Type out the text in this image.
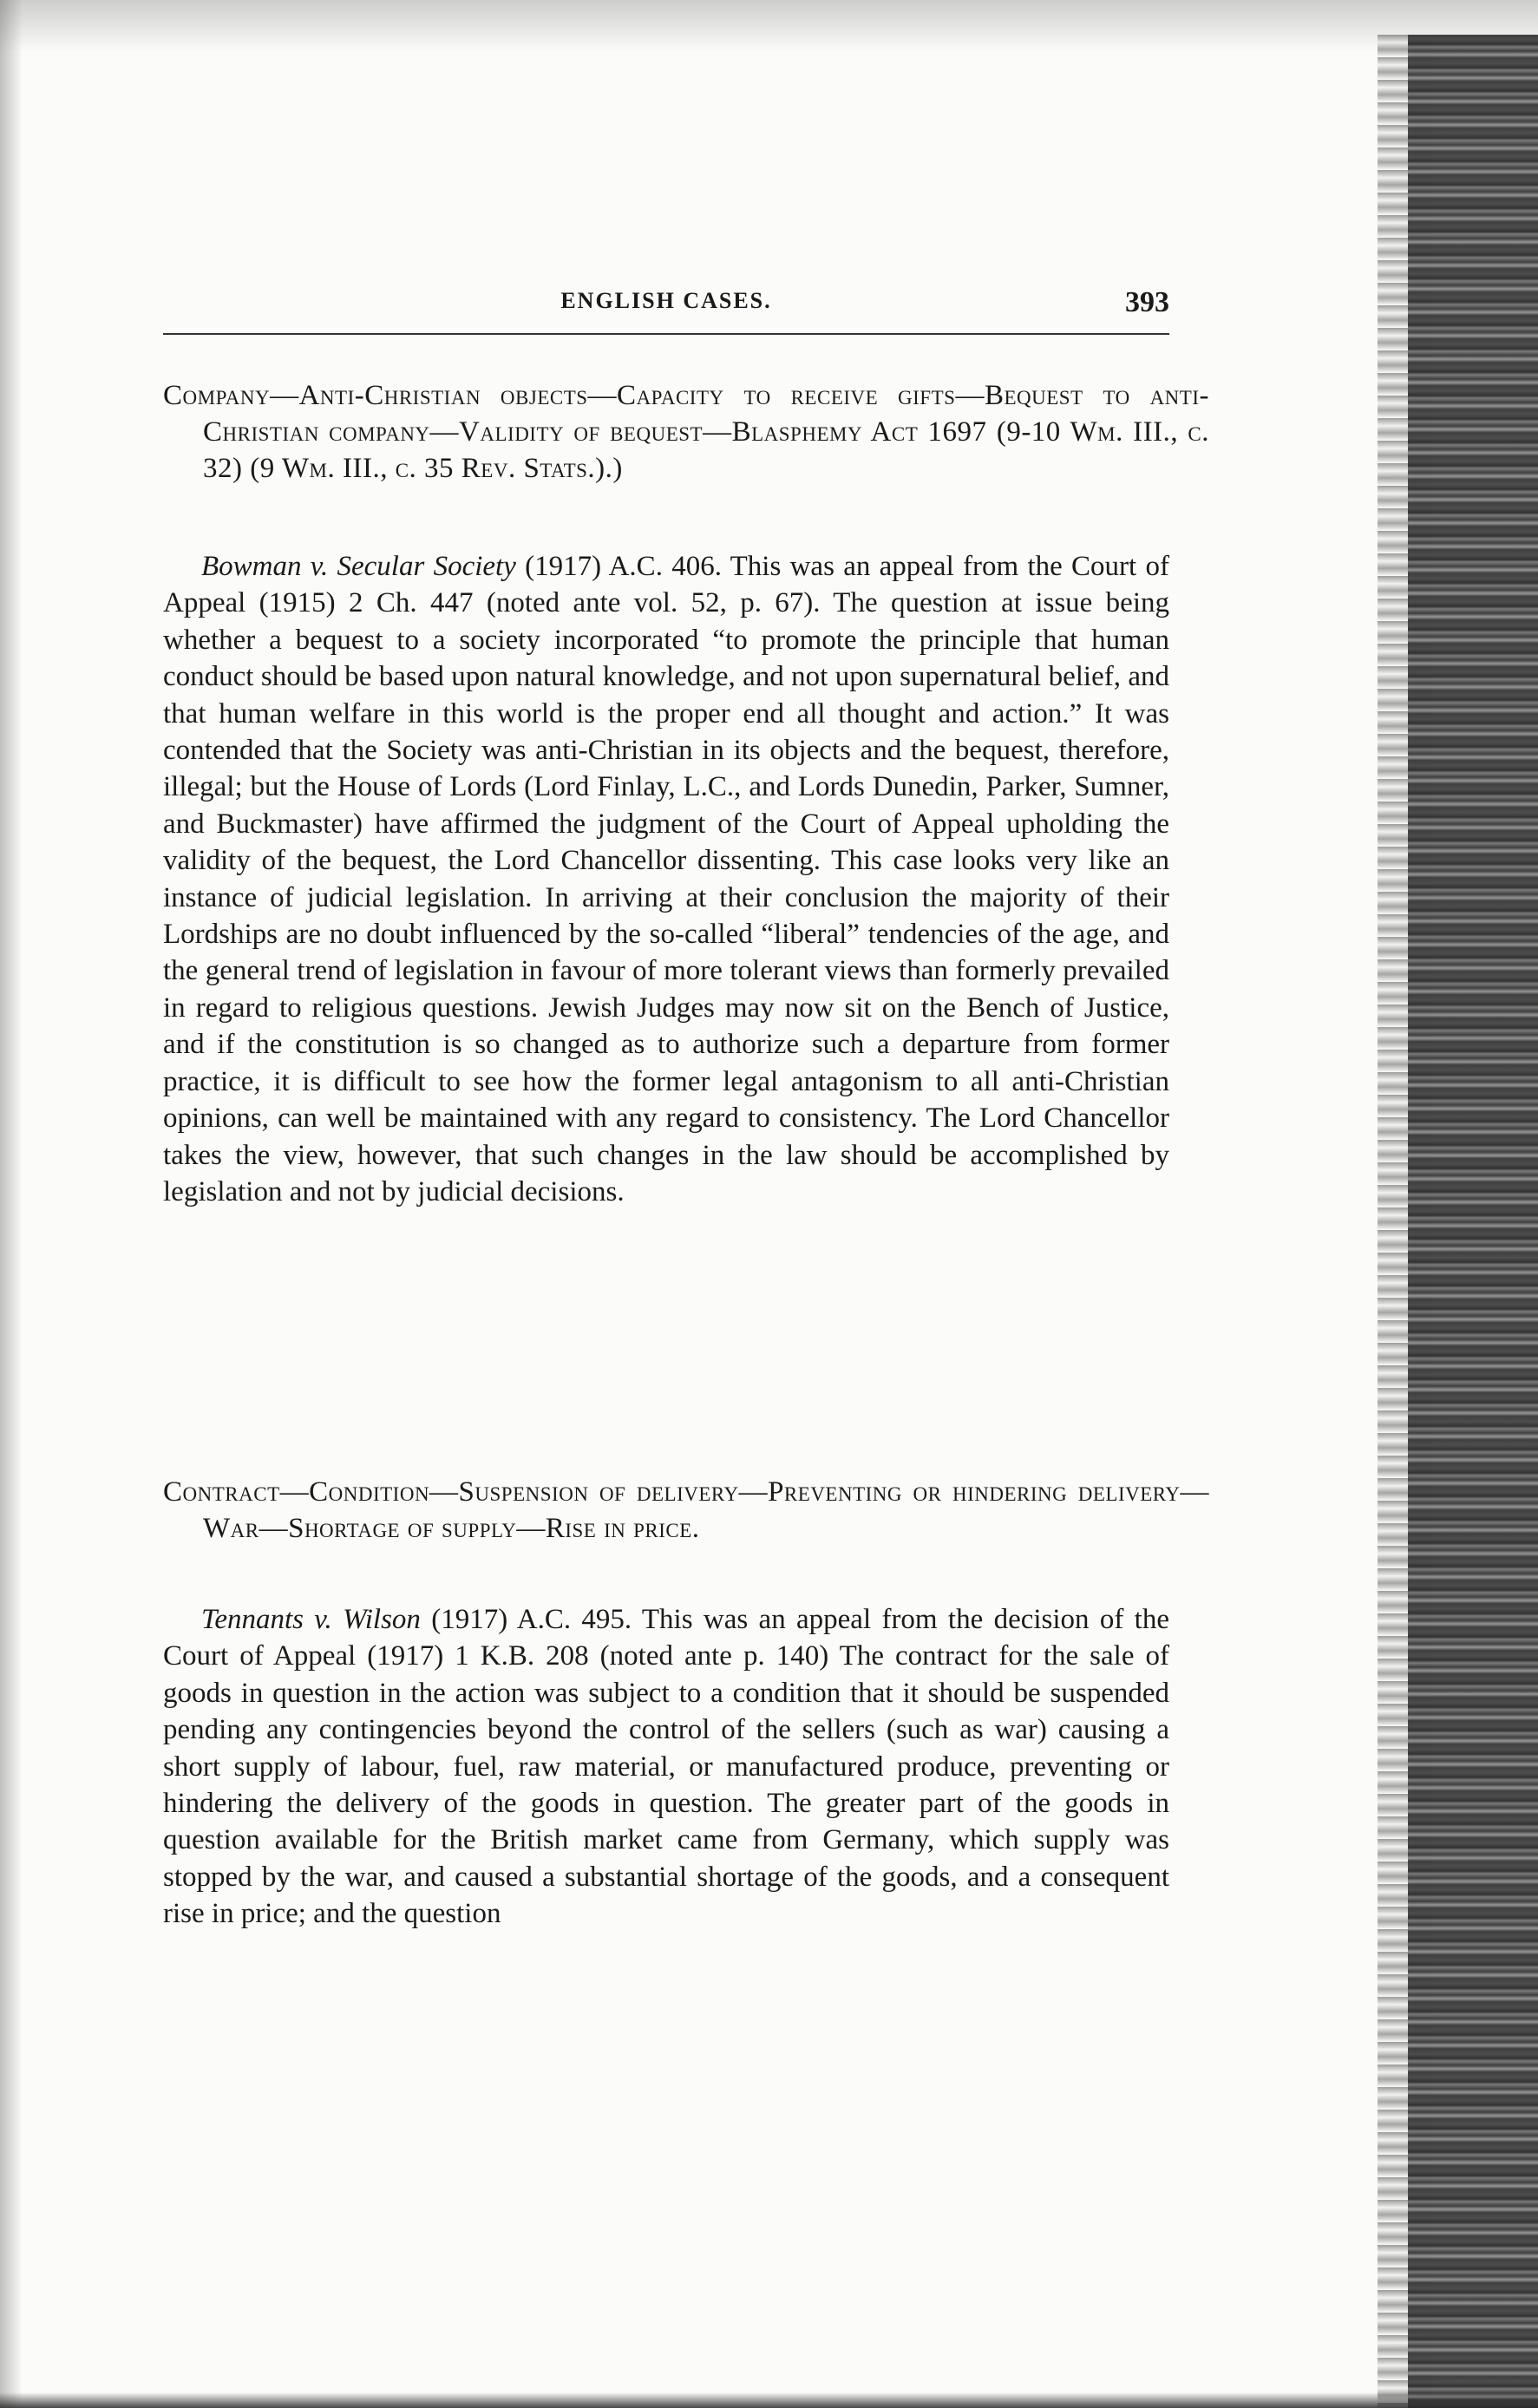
ENGLISH CASES.	393
Company—Anti-Christian objects—Capacity to receive gifts—Bequest to anti-Christian company—Validity of bequest—Blasphemy Act 1697 (9-10 Wm. III., c. 32) (9 Wm. III., c. 35 Rev. Stats.).)

Bowman v. Secular Society (1917) A.C. 406. This was an appeal from the Court of Appeal (1915) 2 Ch. 447 (noted ante vol. 52, p. 67). The question at issue being whether a bequest to a society incorporated “to promote the principle that human conduct should be based upon natural knowledge, and not upon supernatural belief, and that human welfare in this world is the proper end all thought and action.” It was contended that the Society was anti-Christian in its objects and the bequest, therefore, illegal; but the House of Lords (Lord Finlay, L.C., and Lords Dunedin, Parker, Sumner, and Buckmaster) have affirmed the judgment of the Court of Appeal upholding the validity of the bequest, the Lord Chancellor dissenting. This case looks very like an instance of judicial legislation. In arriving at their conclusion the majority of their Lordships are no doubt influenced by the so-called “liberal” tendencies of the age, and the general trend of legislation in favour of more tolerant views than formerly prevailed in regard to religious questions. Jewish Judges may now sit on the Bench of Justice, and if the constitution is so changed as to authorize such a departure from former practice, it is difficult to see how the former legal antagonism to all anti-Christian opinions, can well be maintained with any regard to consistency. The Lord Chancellor takes the view, however, that such changes in the law should be accomplished by legislation and not by judicial decisions.

Contract—Condition—Suspension of delivery—Preventing or hindering delivery—War—Shortage of supply—Rise in price.

Tennants v. Wilson (1917) A.C. 495. This was an appeal from the decision of the Court of Appeal (1917) 1 K.B. 208 (noted ante p. 140) The contract for the sale of goods in question in the action was subject to a condition that it should be suspended pending any contingencies beyond the control of the sellers (such as war) causing a short supply of labour, fuel, raw material, or manufactured produce, preventing or hindering the delivery of the goods in question. The greater part of the goods in question available for the British market came from Germany, which supply was stopped by the war, and caused a substantial shortage of the goods, and a consequent rise in price; and the question
